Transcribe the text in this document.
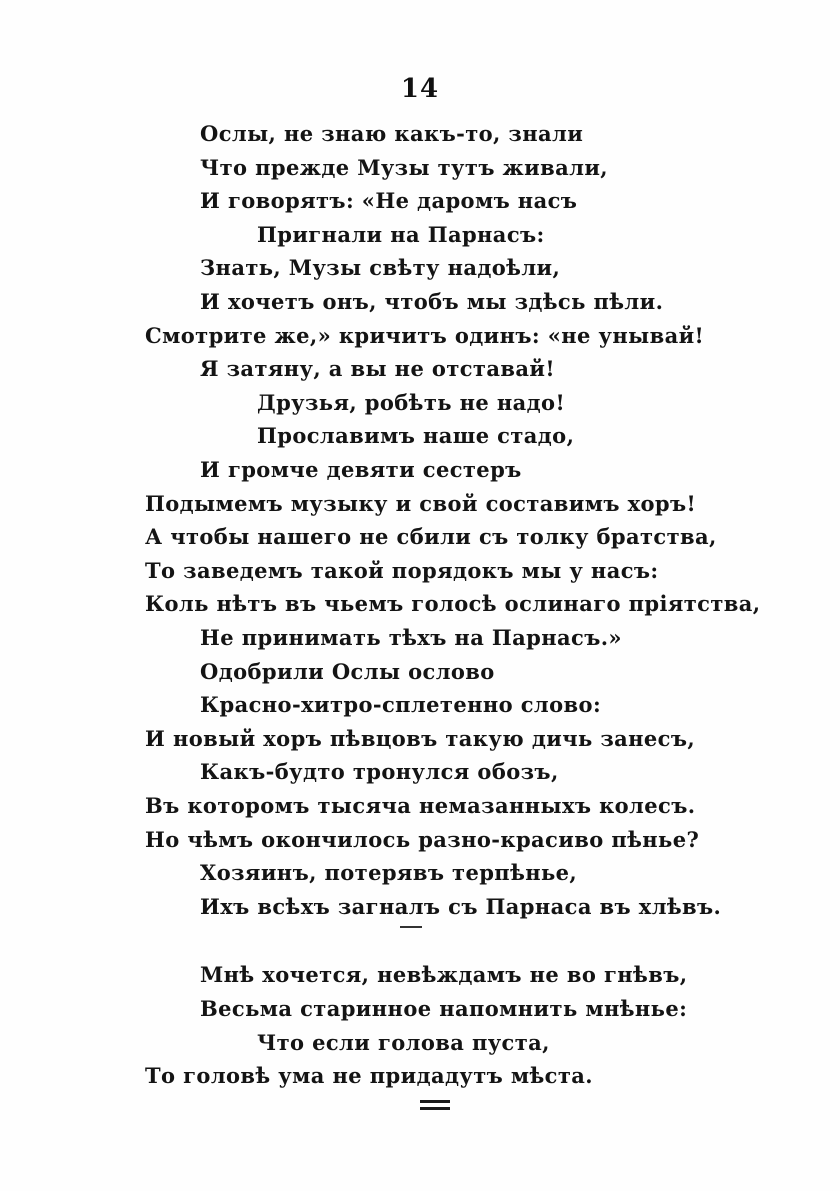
14
Ослы, не знаю какъ-то, знали
Что прежде Музы тутъ живали,
И говорятъ: «Не даромъ насъ
Пригнали на Парнасъ:
Знать, Музы свѣту надоѣли,
И хочетъ онъ, чтобъ мы здѣсь пѣли.
Смотрите же,» кричитъ одинъ: «не унывай!
Я затяну, а вы не отставай!
Друзья, робѣть не надо!
Прославимъ наше стадо,
И громче девяти сестеръ
Подымемъ музыку и свой составимъ хоръ!
А чтобы нашего не сбили съ толку братства,
То заведемъ такой порядокъ мы у насъ:
Коль нѣтъ въ чьемъ голосѣ ослинаго прiятства,
Не принимать тѣхъ на Парнасъ.»
Одобрили Ослы ослово
Красно-хитро-сплетенно слово:
И новый хоръ пѣвцовъ такую дичь занесъ,
Какъ-будто тронулся обозъ,
Въ которомъ тысяча немазанныхъ колесъ.
Но чѣмъ окончилось разно-красиво пѣнье?
Хозяинъ, потерявъ терпѣнье,
Ихъ всѣхъ загналъ съ Парнаса въ хлѣвъ.
Мнѣ хочется, невѣждамъ не во гнѣвъ,
Весьма старинное напомнить мнѣнье:
Что если голова пуста,
То головѣ ума не придадутъ мѣста.
